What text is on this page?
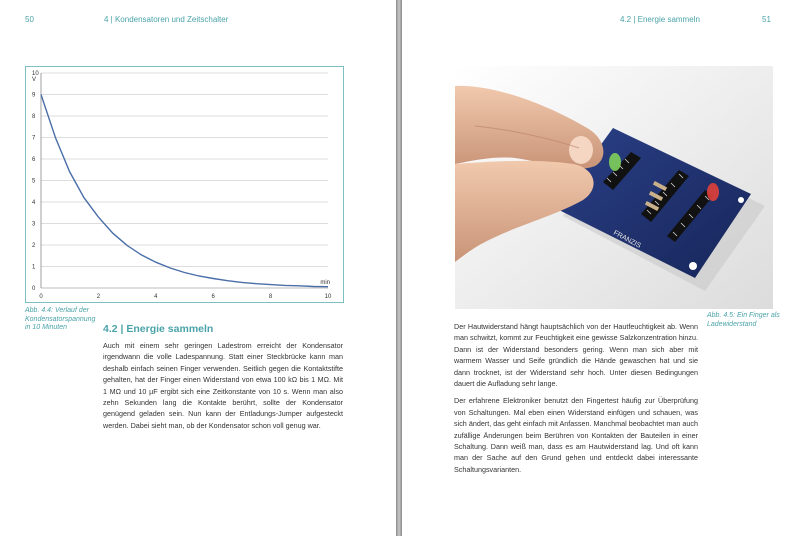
50	4 | Kondensatoren und Zeitschalter
0
1
2
3
4
5
6
7
8
9
10
0	2	4	6	8	10
V
min
Abb. 4.4: Verlauf der Kondensatorspannung in 10 Minuten	4.2 | Energie sammeln

Auch mit einem sehr geringen Ladestrom erreicht der Kondensator irgendwann die volle Ladespannung. Statt einer Steckbrücke kann man deshalb einfach seinen Finger verwenden. Seitlich gegen die Kontaktstifte gehalten, hat der Finger einen Widerstand von etwa 100 kΩ bis 1 MΩ. Mit 1 MΩ und 10 µF ergibt sich eine Zeitkonstante von 10 s. Wenn man also zehn Sekunden lang die Kontakte berührt, sollte der Kondensator genügend geladen sein. Nun kann der Entladungs-Jumper aufgesteckt werden. Dabei sieht man, ob der Kondensator schon voll genug war.

4.2 | Energie sammeln	51
FRANZIS
Abb. 4.5: Ein Finger als Ladewiderstand

Der Hautwiderstand hängt hauptsächlich von der Hautfeuchtigkeit ab. Wenn man schwitzt, kommt zur Feuchtigkeit eine gewisse Salzkonzentration hinzu. Dann ist der Widerstand besonders gering. Wenn man sich aber mit warmem Wasser und Seife gründlich die Hände gewaschen hat und sie dann trocknet, ist der Widerstand sehr hoch. Unter diesen Bedingungen dauert die Aufladung sehr lange.

Der erfahrene Elektroniker benutzt den Fingertest häufig zur Überprüfung von Schaltungen. Mal eben einen Widerstand einfügen und schauen, was sich ändert, das geht einfach mit Anfassen. Manchmal beobachtet man auch zufällige Änderungen beim Berühren von Kontakten der Bauteilen in einer Schaltung. Dann weiß man, dass es am Hautwiderstand lag. Und oft kann man der Sache auf den Grund gehen und entdeckt dabei interessante Schaltungsvarianten.
